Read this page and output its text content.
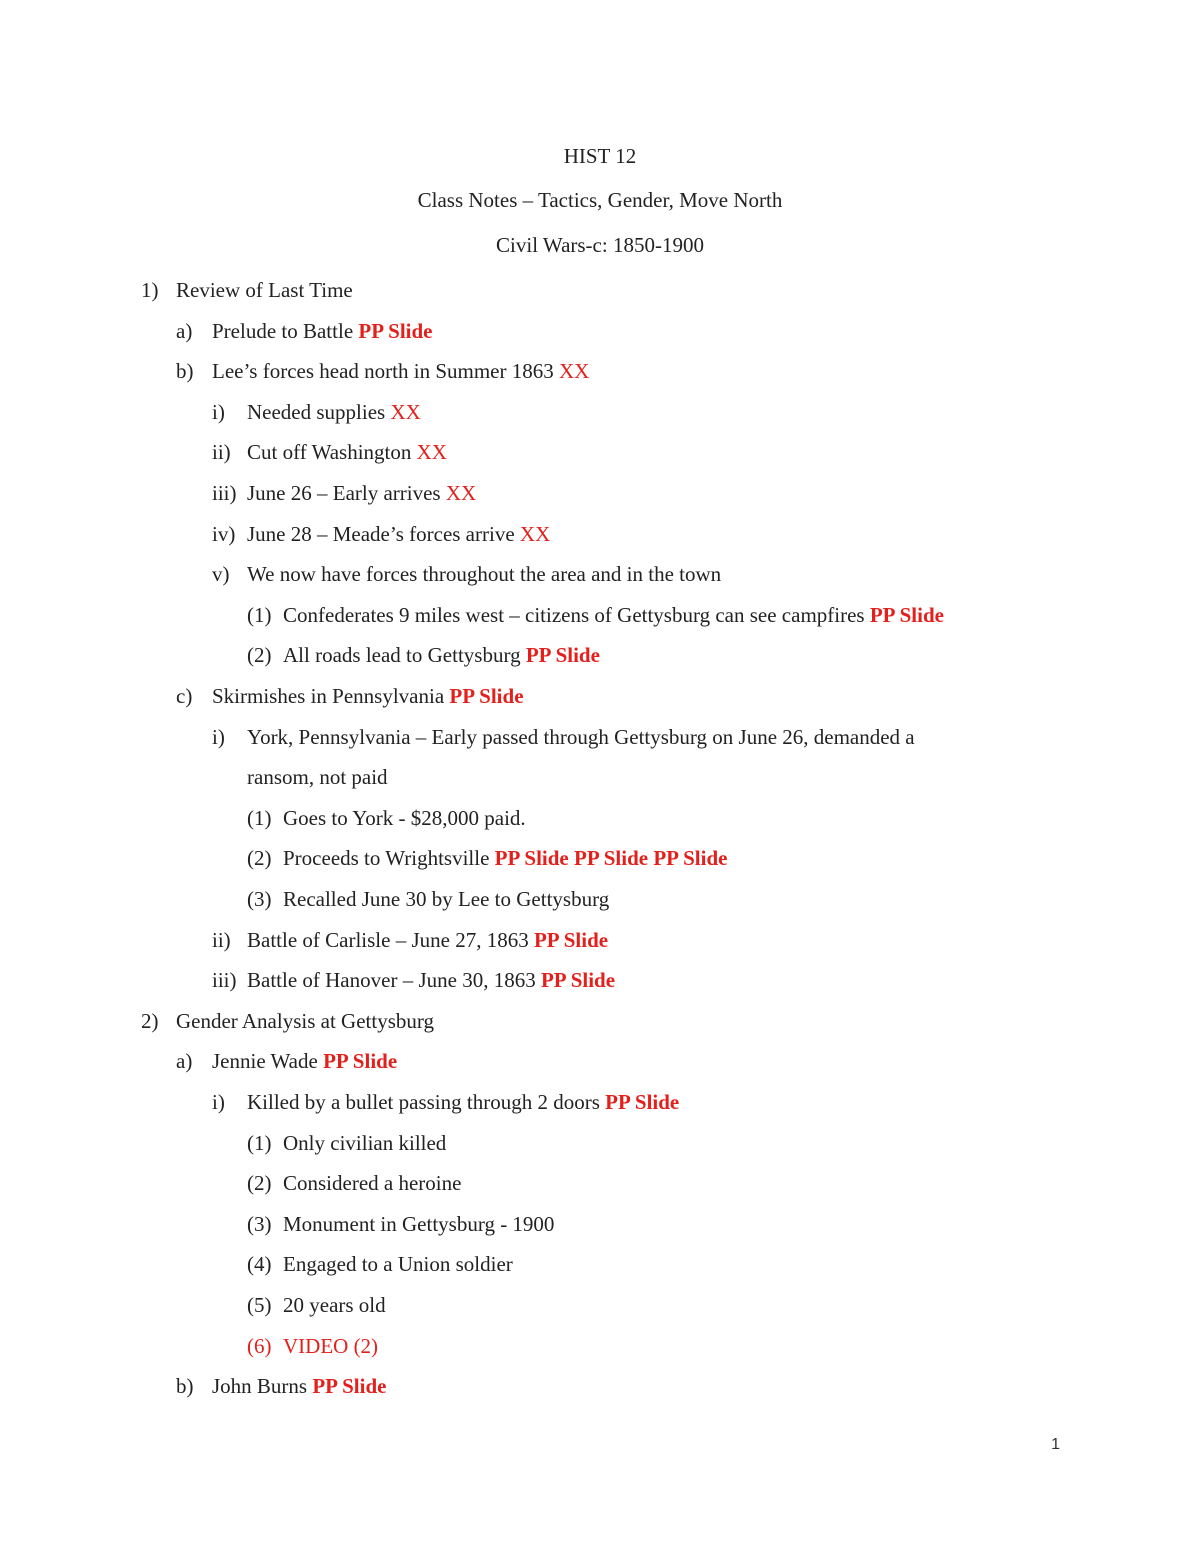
HIST 12
Class Notes – Tactics, Gender, Move North
Civil Wars-c: 1850-1900
1) Review of Last Time
a) Prelude to Battle PP Slide
b) Lee’s forces head north in Summer 1863 XX
i) Needed supplies XX
ii) Cut off Washington XX
iii) June 26 – Early arrives XX
iv) June 28 – Meade’s forces arrive XX
v) We now have forces throughout the area and in the town
(1) Confederates 9 miles west – citizens of Gettysburg can see campfires PP Slide
(2) All roads lead to Gettysburg PP Slide
c) Skirmishes in Pennsylvania PP Slide
i) York, Pennsylvania – Early passed through Gettysburg on June 26, demanded a
ransom, not paid
(1) Goes to York - $28,000 paid.
(2) Proceeds to Wrightsville PP Slide PP Slide PP Slide
(3) Recalled June 30 by Lee to Gettysburg
ii) Battle of Carlisle – June 27, 1863 PP Slide
iii) Battle of Hanover – June 30, 1863 PP Slide
2) Gender Analysis at Gettysburg
a) Jennie Wade PP Slide
i) Killed by a bullet passing through 2 doors PP Slide
(1) Only civilian killed
(2) Considered a heroine
(3) Monument in Gettysburg - 1900
(4) Engaged to a Union soldier
(5) 20 years old
(6) VIDEO (2)
b) John Burns PP Slide
1
